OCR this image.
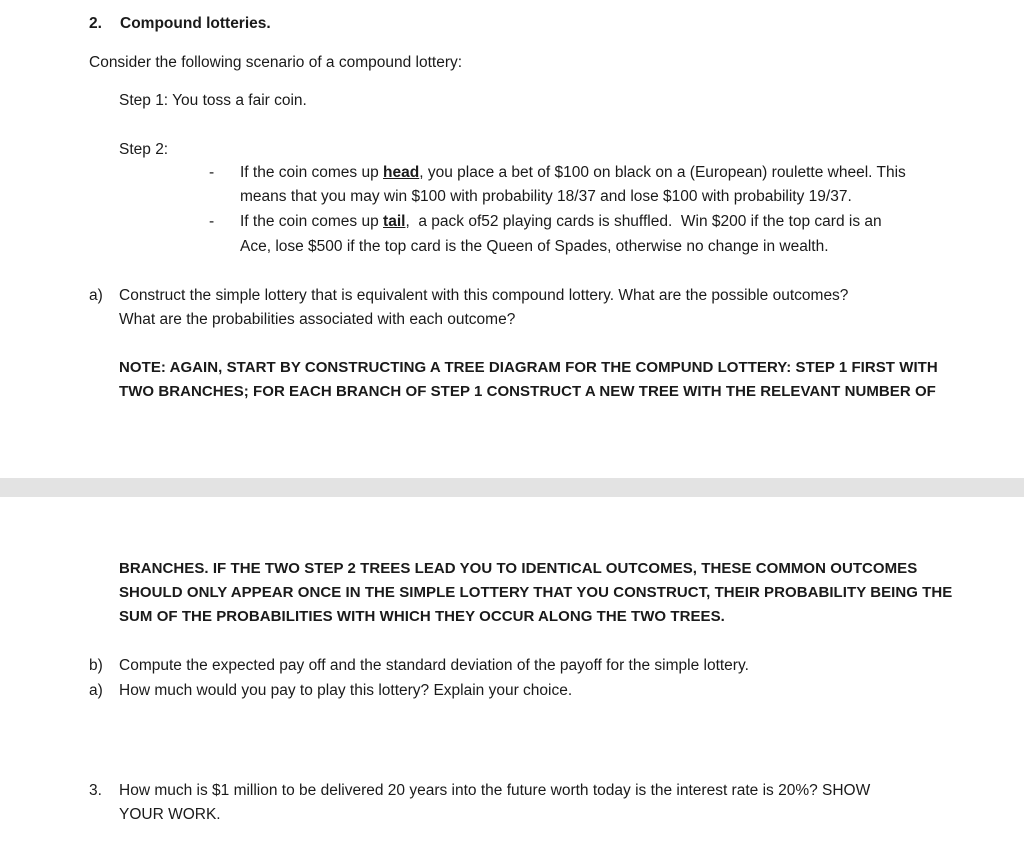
2. Compound lotteries.
Consider the following scenario of a compound lottery:
Step 1: You toss a fair coin.
Step 2:
- If the coin comes up head, you place a bet of $100 on black on a (European) roulette wheel. This
means that you may win $100 with probability 18/37 and lose $100 with probability 19/37.
- If the coin comes up tail,  a pack of52 playing cards is shuffled.  Win $200 if the top card is an
Ace, lose $500 if the top card is the Queen of Spades, otherwise no change in wealth.
a) Construct the simple lottery that is equivalent with this compound lottery. What are the possible outcomes?
What are the probabilities associated with each outcome?
NOTE: AGAIN, START BY CONSTRUCTING A TREE DIAGRAM FOR THE COMPUND LOTTERY: STEP 1 FIRST WITH
TWO BRANCHES; FOR EACH BRANCH OF STEP 1 CONSTRUCT A NEW TREE WITH THE RELEVANT NUMBER OF
BRANCHES. IF THE TWO STEP 2 TREES LEAD YOU TO IDENTICAL OUTCOMES, THESE COMMON OUTCOMES
SHOULD ONLY APPEAR ONCE IN THE SIMPLE LOTTERY THAT YOU CONSTRUCT, THEIR PROBABILITY BEING THE
SUM OF THE PROBABILITIES WITH WHICH THEY OCCUR ALONG THE TWO TREES.
b) Compute the expected pay off and the standard deviation of the payoff for the simple lottery.
a) How much would you pay to play this lottery? Explain your choice.
3. How much is $1 million to be delivered 20 years into the future worth today is the interest rate is 20%? SHOW
YOUR WORK.
